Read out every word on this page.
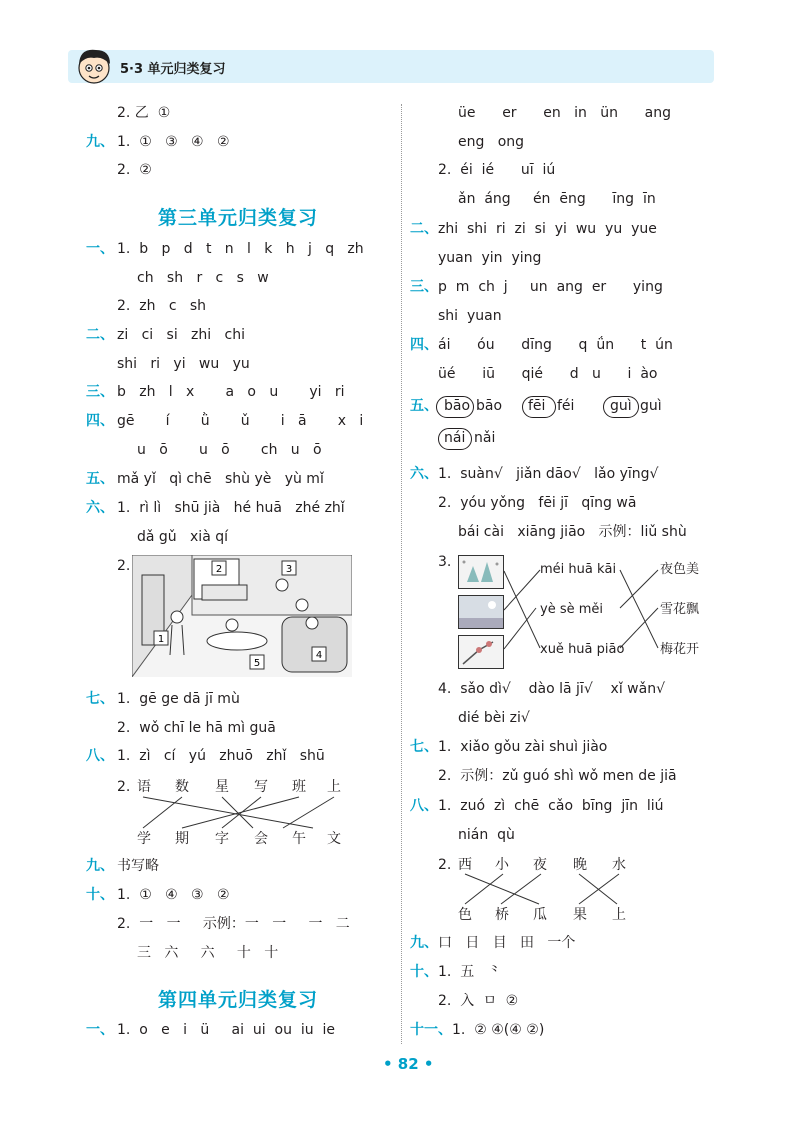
5·3 单元归类复习
2. 乙  ①
九、 1.  ①   ③   ④   ②
2.  ②
第三单元归类复习
一、 1.  b   p   d   t   n   l   k   h   j   q   zh
ch   sh   r   c   s   w
2.  zh   c   sh
二、 zi   ci   si   zhi   chi
shi   ri   yi   wu   yu
三、 b   zh   l   x       a   o   u       yi   ri
四、 gē       í       ǜ       ǔ       i   ā       x   i
u   ō       u   ō       ch   u   ō
五、 mǎ yǐ   qì chē   shù yè   yù mǐ
六、 1.  rì lì   shū jià   hé huā   zhé zhǐ
dǎ gǔ   xià qí
2.	2	3
1
5
4
七、 1.  gē ge dā jī mù
2.  wǒ chī le hā mì guā
八、 1.  zì   cí   yú   zhuō   zhǐ   shū
2. 语 数 星 写 班 上
学 期 字 会 午 文
九、 书写略
十、 1.  ①   ④   ③   ②
2.  一   一     示例：一   一     一   二
三   六     六     十   十
第四单元归类复习
一、 1.  o   e   i   ü     ai  ui  ou  iu  ie
üe      er      en   in   ün      ang
eng   ong
2.  éi  ié      uī  iú
ǎn  áng     én  ēng      īng  īn
二、 zhi  shi  ri  zi  si  yi  wu  yu  yue
yuan  yin  ying
三、 p  m  ch  j     un  ang  er      ying
shi  yuan
四、 ái      óu      dīng      q  ǘn      t  ún
üé      iū      qié      d   u      i  ào
五、 bāo bāo fēi féi	guì guì
nái nǎi
六、 1.  suàn√   jiǎn dāo√   lǎo yīng√
2.  yóu yǒng   fēi jī   qīng wā
bái cài   xiāng jiāo   示例：liǔ shù
3.	méi huā kāi
yè sè měi
xuě huā piāo
夜色美
雪花飘
梅花开
4.  sǎo dì√    dào lā jī√    xǐ wǎn√
dié bèi zi√
七、 1.  xiǎo gǒu zài shuì jiào
2.  示例：zǔ guó shì wǒ men de jiā
八、 1.  zuó  zì  chē  cǎo  bīng  jīn  liú
nián  qù
2. 西 小 夜 晚 水
色 桥 瓜 果 上
九、 口   日   目   田   一个
十、 1.  五   ⺀
2.  入  ㅁ  ②
十一、 1.  ② ④(④ ②)
• 82 •
